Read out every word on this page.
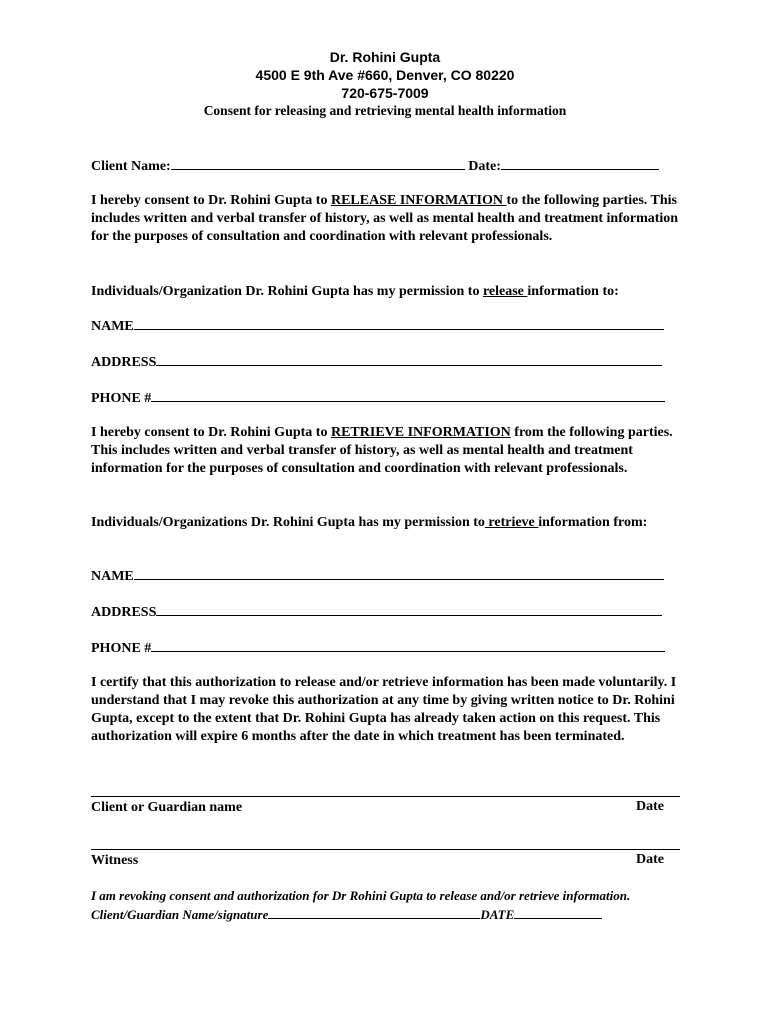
Dr. Rohini Gupta
4500 E 9th Ave #660, Denver, CO 80220
720-675-7009
Consent for releasing and retrieving mental health information
Client Name:	Date:
I hereby consent to Dr. Rohini Gupta to RELEASE INFORMATION to the following parties. This includes written and verbal transfer of history, as well as mental health and treatment information for the purposes of consultation and coordination with relevant professionals.
Individuals/Organization Dr. Rohini Gupta has my permission to release information to:
NAME
ADDRESS
PHONE #
I hereby consent to Dr. Rohini Gupta to RETRIEVE INFORMATION from the following parties. This includes written and verbal transfer of history, as well as mental health and treatment information for the purposes of consultation and coordination with relevant professionals.
Individuals/Organizations Dr. Rohini Gupta has my permission to retrieve information from:
NAME
ADDRESS
PHONE #
I certify that this authorization to release and/or retrieve information has been made voluntarily. I understand that I may revoke this authorization at any time by giving written notice to Dr. Rohini Gupta, except to the extent that Dr. Rohini Gupta has already taken action on this request. This authorization will expire 6 months after the date in which treatment has been terminated.
Client or Guardian name	Date
Witness	Date
I am revoking consent and authorization for Dr Rohini Gupta to release and/or retrieve information.
Client/Guardian Name/signature	DATE
